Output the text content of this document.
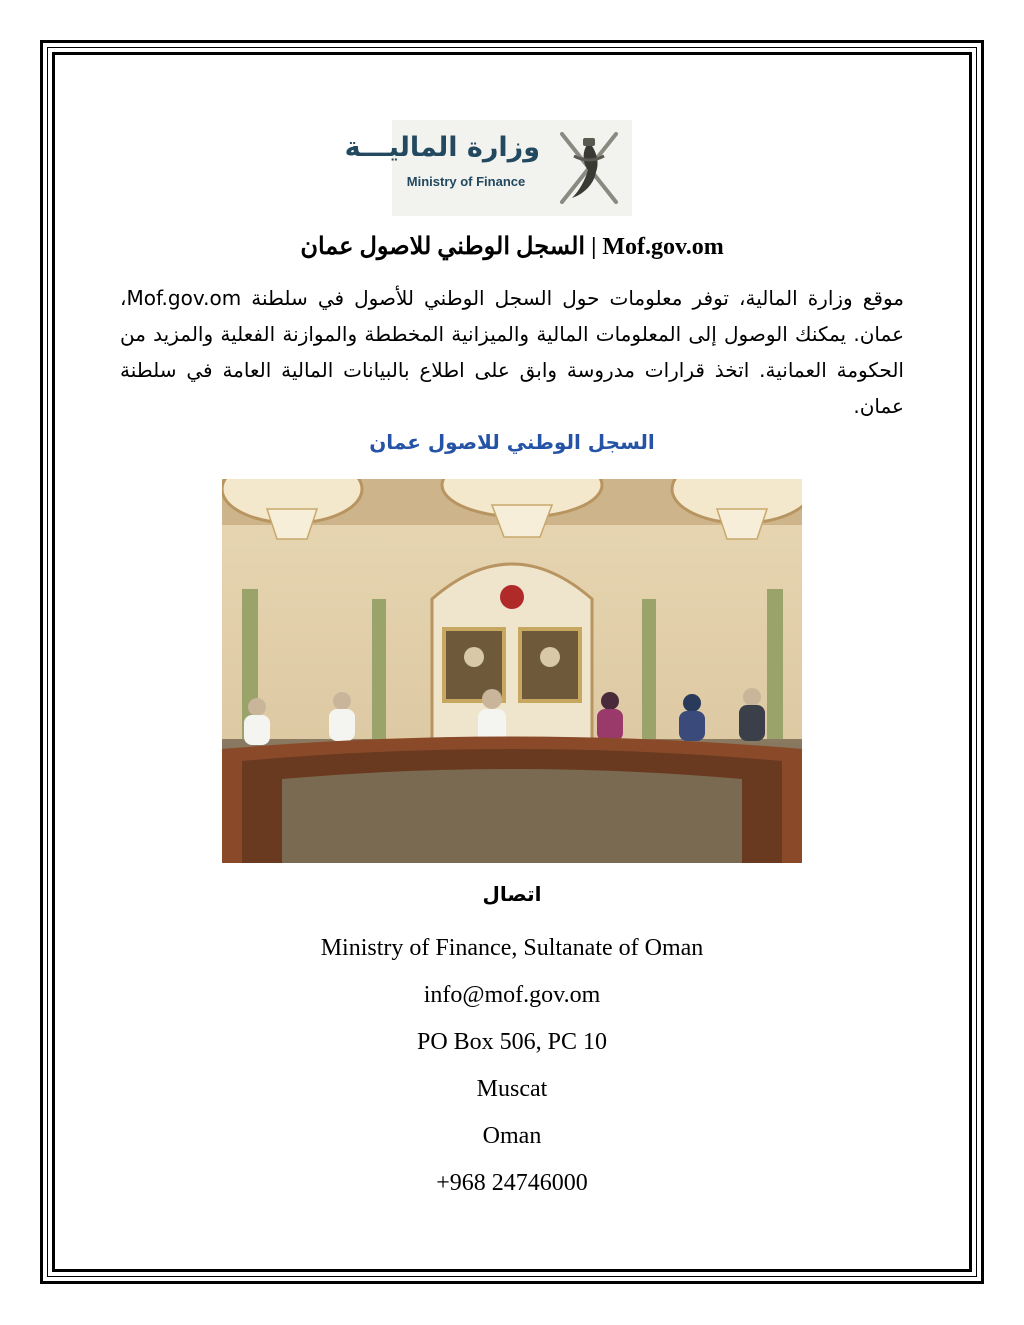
وزارة الماليـــة
Ministry of Finance
Mof.gov.om | السجل الوطني للاصول عمان
موقع وزارة المالية، توفر معلومات حول السجل الوطني للأصول في سلطنة Mof.gov.om، عمان. يمكنك الوصول إلى المعلومات المالية والميزانية المخططة والموازنة الفعلية والمزيد من الحكومة العمانية. اتخذ قرارات مدروسة وابق على اطلاع بالبيانات المالية العامة في سلطنة عمان.
السجل الوطني للاصول عمان
اتصال
Ministry of Finance, Sultanate of Oman
info@mof.gov.om
PO Box 506, PC 10
Muscat
Oman
+968 24746000
